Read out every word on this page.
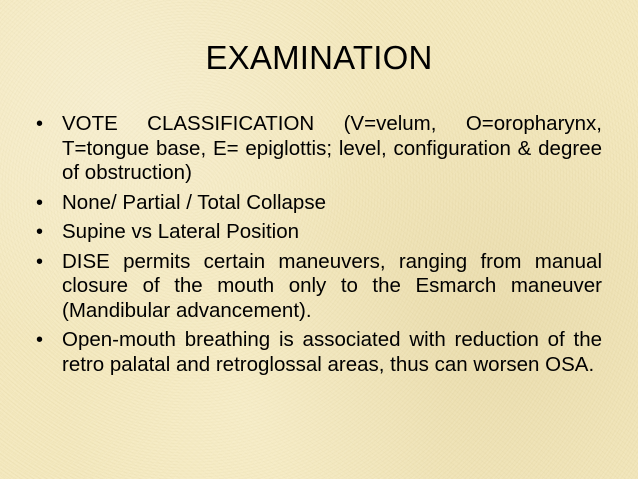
EXAMINATION
• VOTE CLASSIFICATION (V=velum, O=oropharynx, T=tongue base, E= epiglottis; level, configuration & degree of obstruction)
• None/ Partial / Total Collapse
• Supine vs Lateral Position
• DISE permits certain maneuvers, ranging from manual closure of the mouth only to the Esmarch maneuver (Mandibular advancement).
• Open-mouth breathing is associated with reduction of the retro palatal and retroglossal areas, thus can worsen OSA.
